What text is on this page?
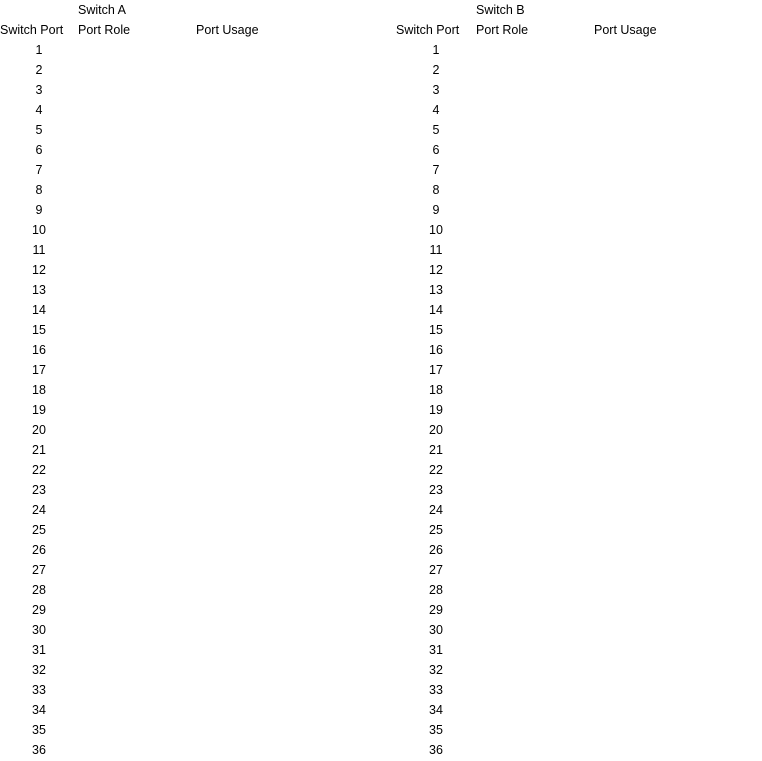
	Switch A			Switch B	
Switch Port	Port Role	Port Usage	Switch Port	Port Role	Port Usage
1			1		
2			2		
3			3		
4			4		
5			5		
6			6		
7			7		
8			8		
9			9		
10			10		
11			11		
12			12		
13			13		
14			14		
15			15		
16			16		
17			17		
18			18		
19			19		
20			20		
21			21		
22			22		
23			23		
24			24		
25			25		
26			26		
27			27		
28			28		
29			29		
30			30		
31			31		
32			32		
33			33		
34			34		
35			35		
36			36		
